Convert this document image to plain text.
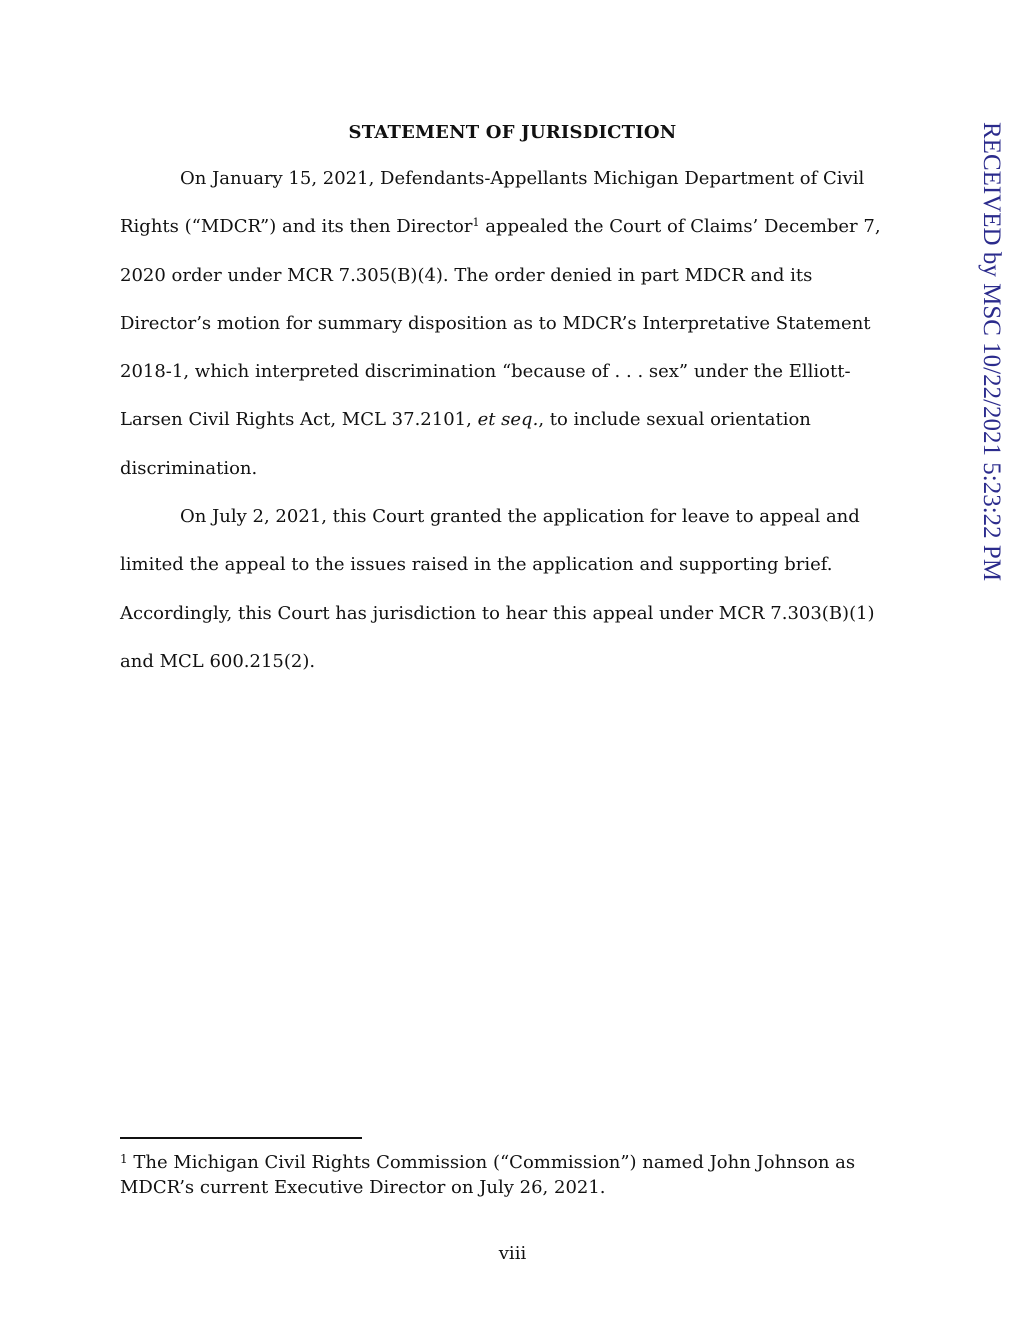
STATEMENT OF JURISDICTION
On January 15, 2021, Defendants-Appellants Michigan Department of Civil
Rights (“MDCR”) and its then Director$^1$ appealed the Court of Claims’ December 7,
2020 order under MCR 7.305(B)(4). The order denied in part MDCR and its
Director’s motion for summary disposition as to MDCR’s Interpretative Statement
2018-1, which interpreted discrimination “because of . . . sex” under the Elliott-
Larsen Civil Rights Act, MCL 37.2101, et seq., to include sexual orientation
discrimination.
On July 2, 2021, this Court granted the application for leave to appeal and
limited the appeal to the issues raised in the application and supporting brief.
Accordingly, this Court has jurisdiction to hear this appeal under MCR 7.303(B)(1)
and MCL 600.215(2).
$^1$ The Michigan Civil Rights Commission (“Commission”) named John Johnson as
MDCR’s current Executive Director on July 26, 2021.
viii
RECEIVED by MSC 10/22/2021 5:23:22 PM
